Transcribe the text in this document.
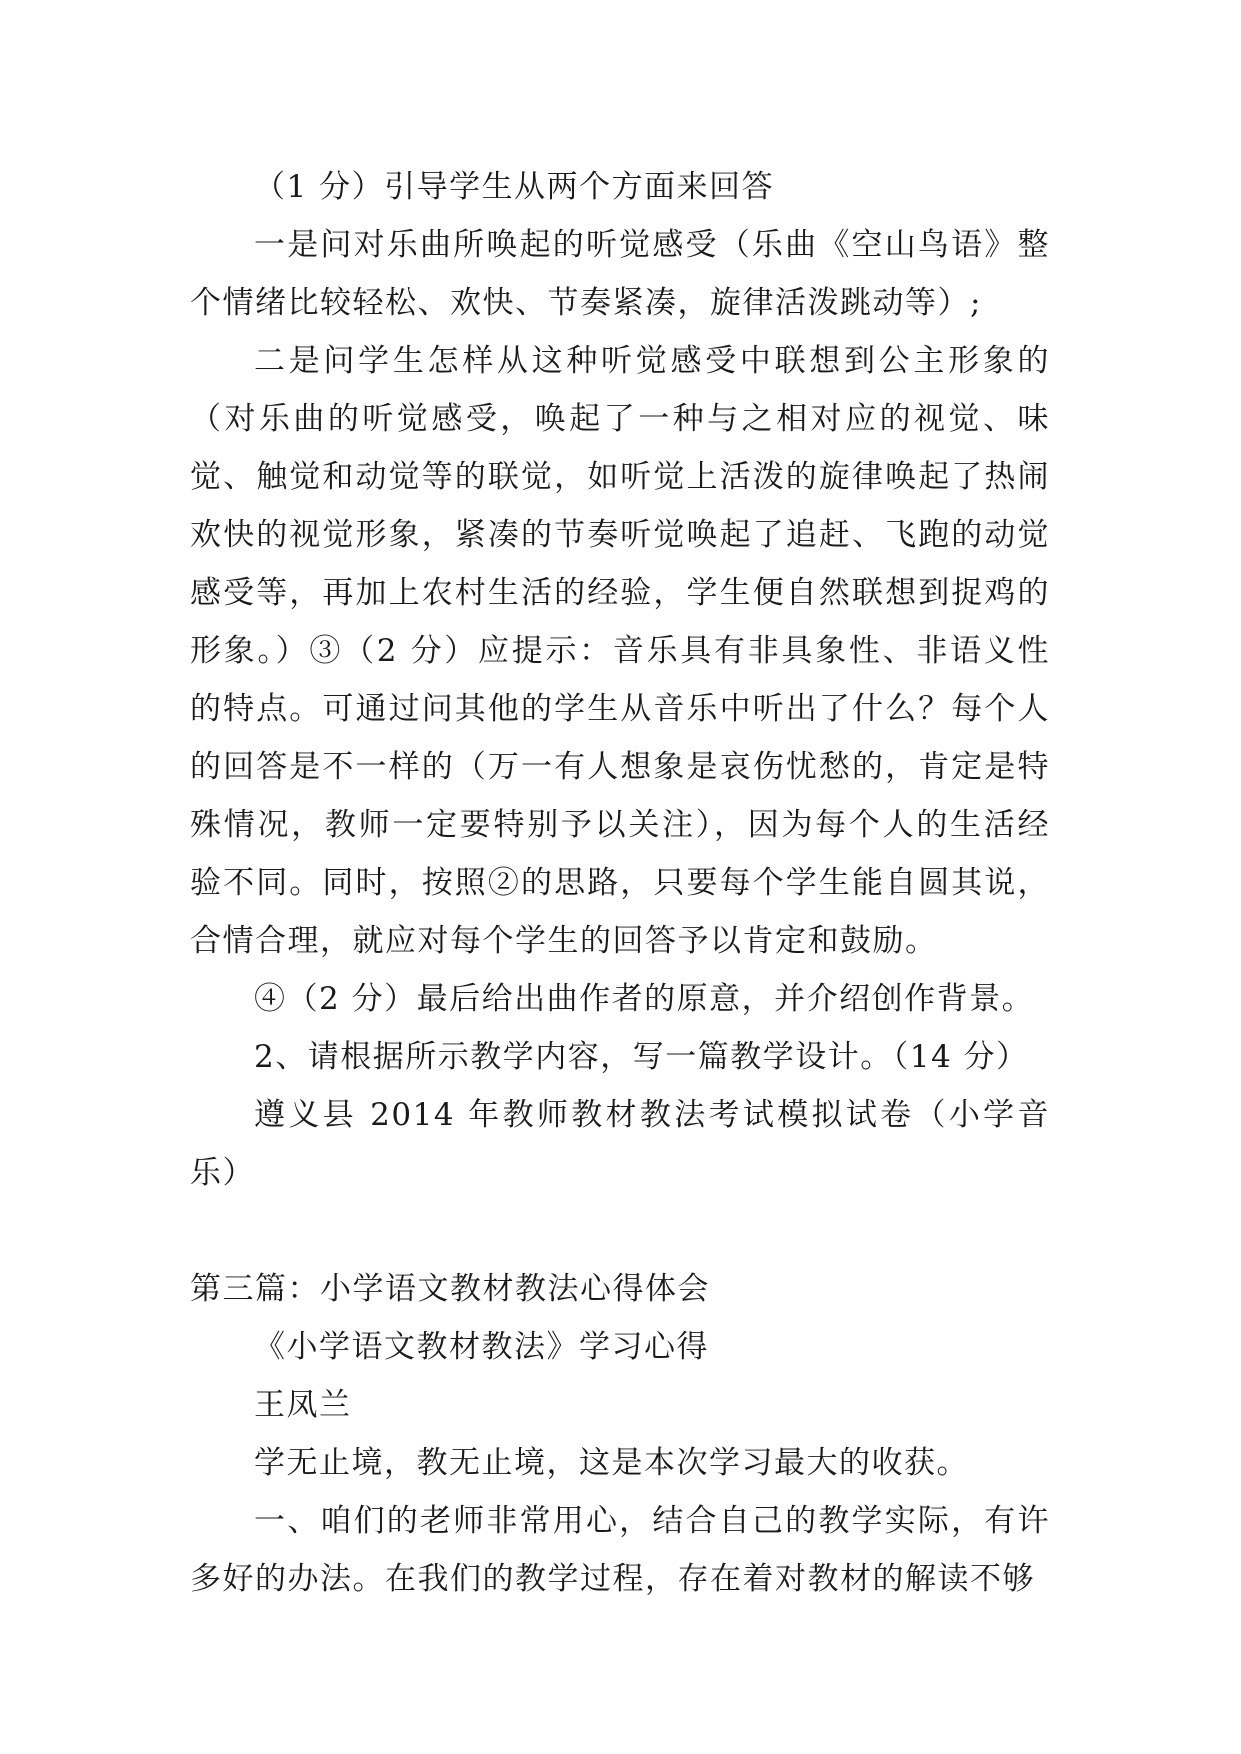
（1 分）引导学生从两个方面来回答

一是问对乐曲所唤起的听觉感受（乐曲《空山鸟语》整个情绪比较轻松、欢快、节奏紧凑，旋律活泼跳动等）;

二是问学生怎样从这种听觉感受中联想到公主形象的（对乐曲的听觉感受，唤起了一种与之相对应的视觉、味觉、触觉和动觉等的联觉，如听觉上活泼的旋律唤起了热闹欢快的视觉形象，紧凑的节奏听觉唤起了追赶、飞跑的动觉感受等，再加上农村生活的经验，学生便自然联想到捉鸡的形象。）③（2 分）应提示：音乐具有非具象性、非语义性的特点。可通过问其他的学生从音乐中听出了什么？每个人的回答是不一样的（万一有人想象是哀伤忧愁的，肯定是特殊情况，教师一定要特别予以关注），因为每个人的生活经验不同。同时，按照②的思路，只要每个学生能自圆其说，合情合理，就应对每个学生的回答予以肯定和鼓励。

④（2 分）最后给出曲作者的原意，并介绍创作背景。

2、请根据所示教学内容，写一篇教学设计。（14 分）

遵义县 2014 年教师教材教法考试模拟试卷（小学音乐）

第三篇：小学语文教材教法心得体会

《小学语文教材教法》学习心得

王凤兰

学无止境，教无止境，这是本次学习最大的收获。

一、咱们的老师非常用心，结合自己的教学实际，有许多好的办法。在我们的教学过程，存在着对教材的解读不够
